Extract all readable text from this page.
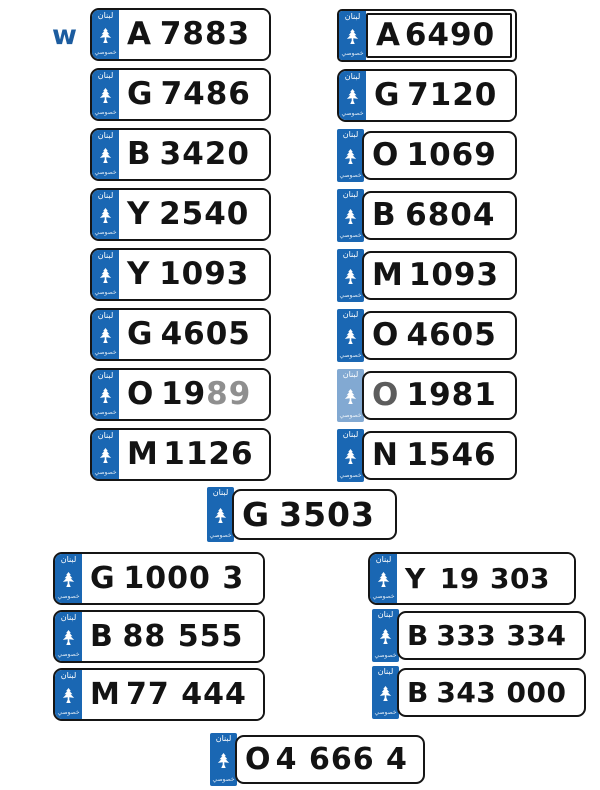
w
لبنان
خصوصي
A 7883
لبنان
خصوصي
G 7486
لبنان
خصوصي
B 3420
لبنان
خصوصي
Y 2540
لبنان
خصوصي
Y 1093
لبنان
خصوصي
G 4605
لبنان
خصوصي
O 1989
لبنان
خصوصي
M 1126
لبنان
خصوصي
A 6490
لبنان
خصوصي
G 7120
لبنان
خصوصي
O 1069
لبنان
خصوصي
B 6804
لبنان
خصوصي
M 1093
لبنان
خصوصي
O 4605
لبنان
خصوصي
O 1981
لبنان
خصوصي
N 1546
لبنان
خصوصي
G 3503
لبنان
خصوصي
G 1000 3
لبنان
خصوصي
B 88 555
لبنان
خصوصي
M 77 444
لبنان
خصوصي
Y 19 303
لبنان
خصوصي
B 333 334
لبنان
خصوصي
B 343 000
لبنان
خصوصي
O 4 666 4
